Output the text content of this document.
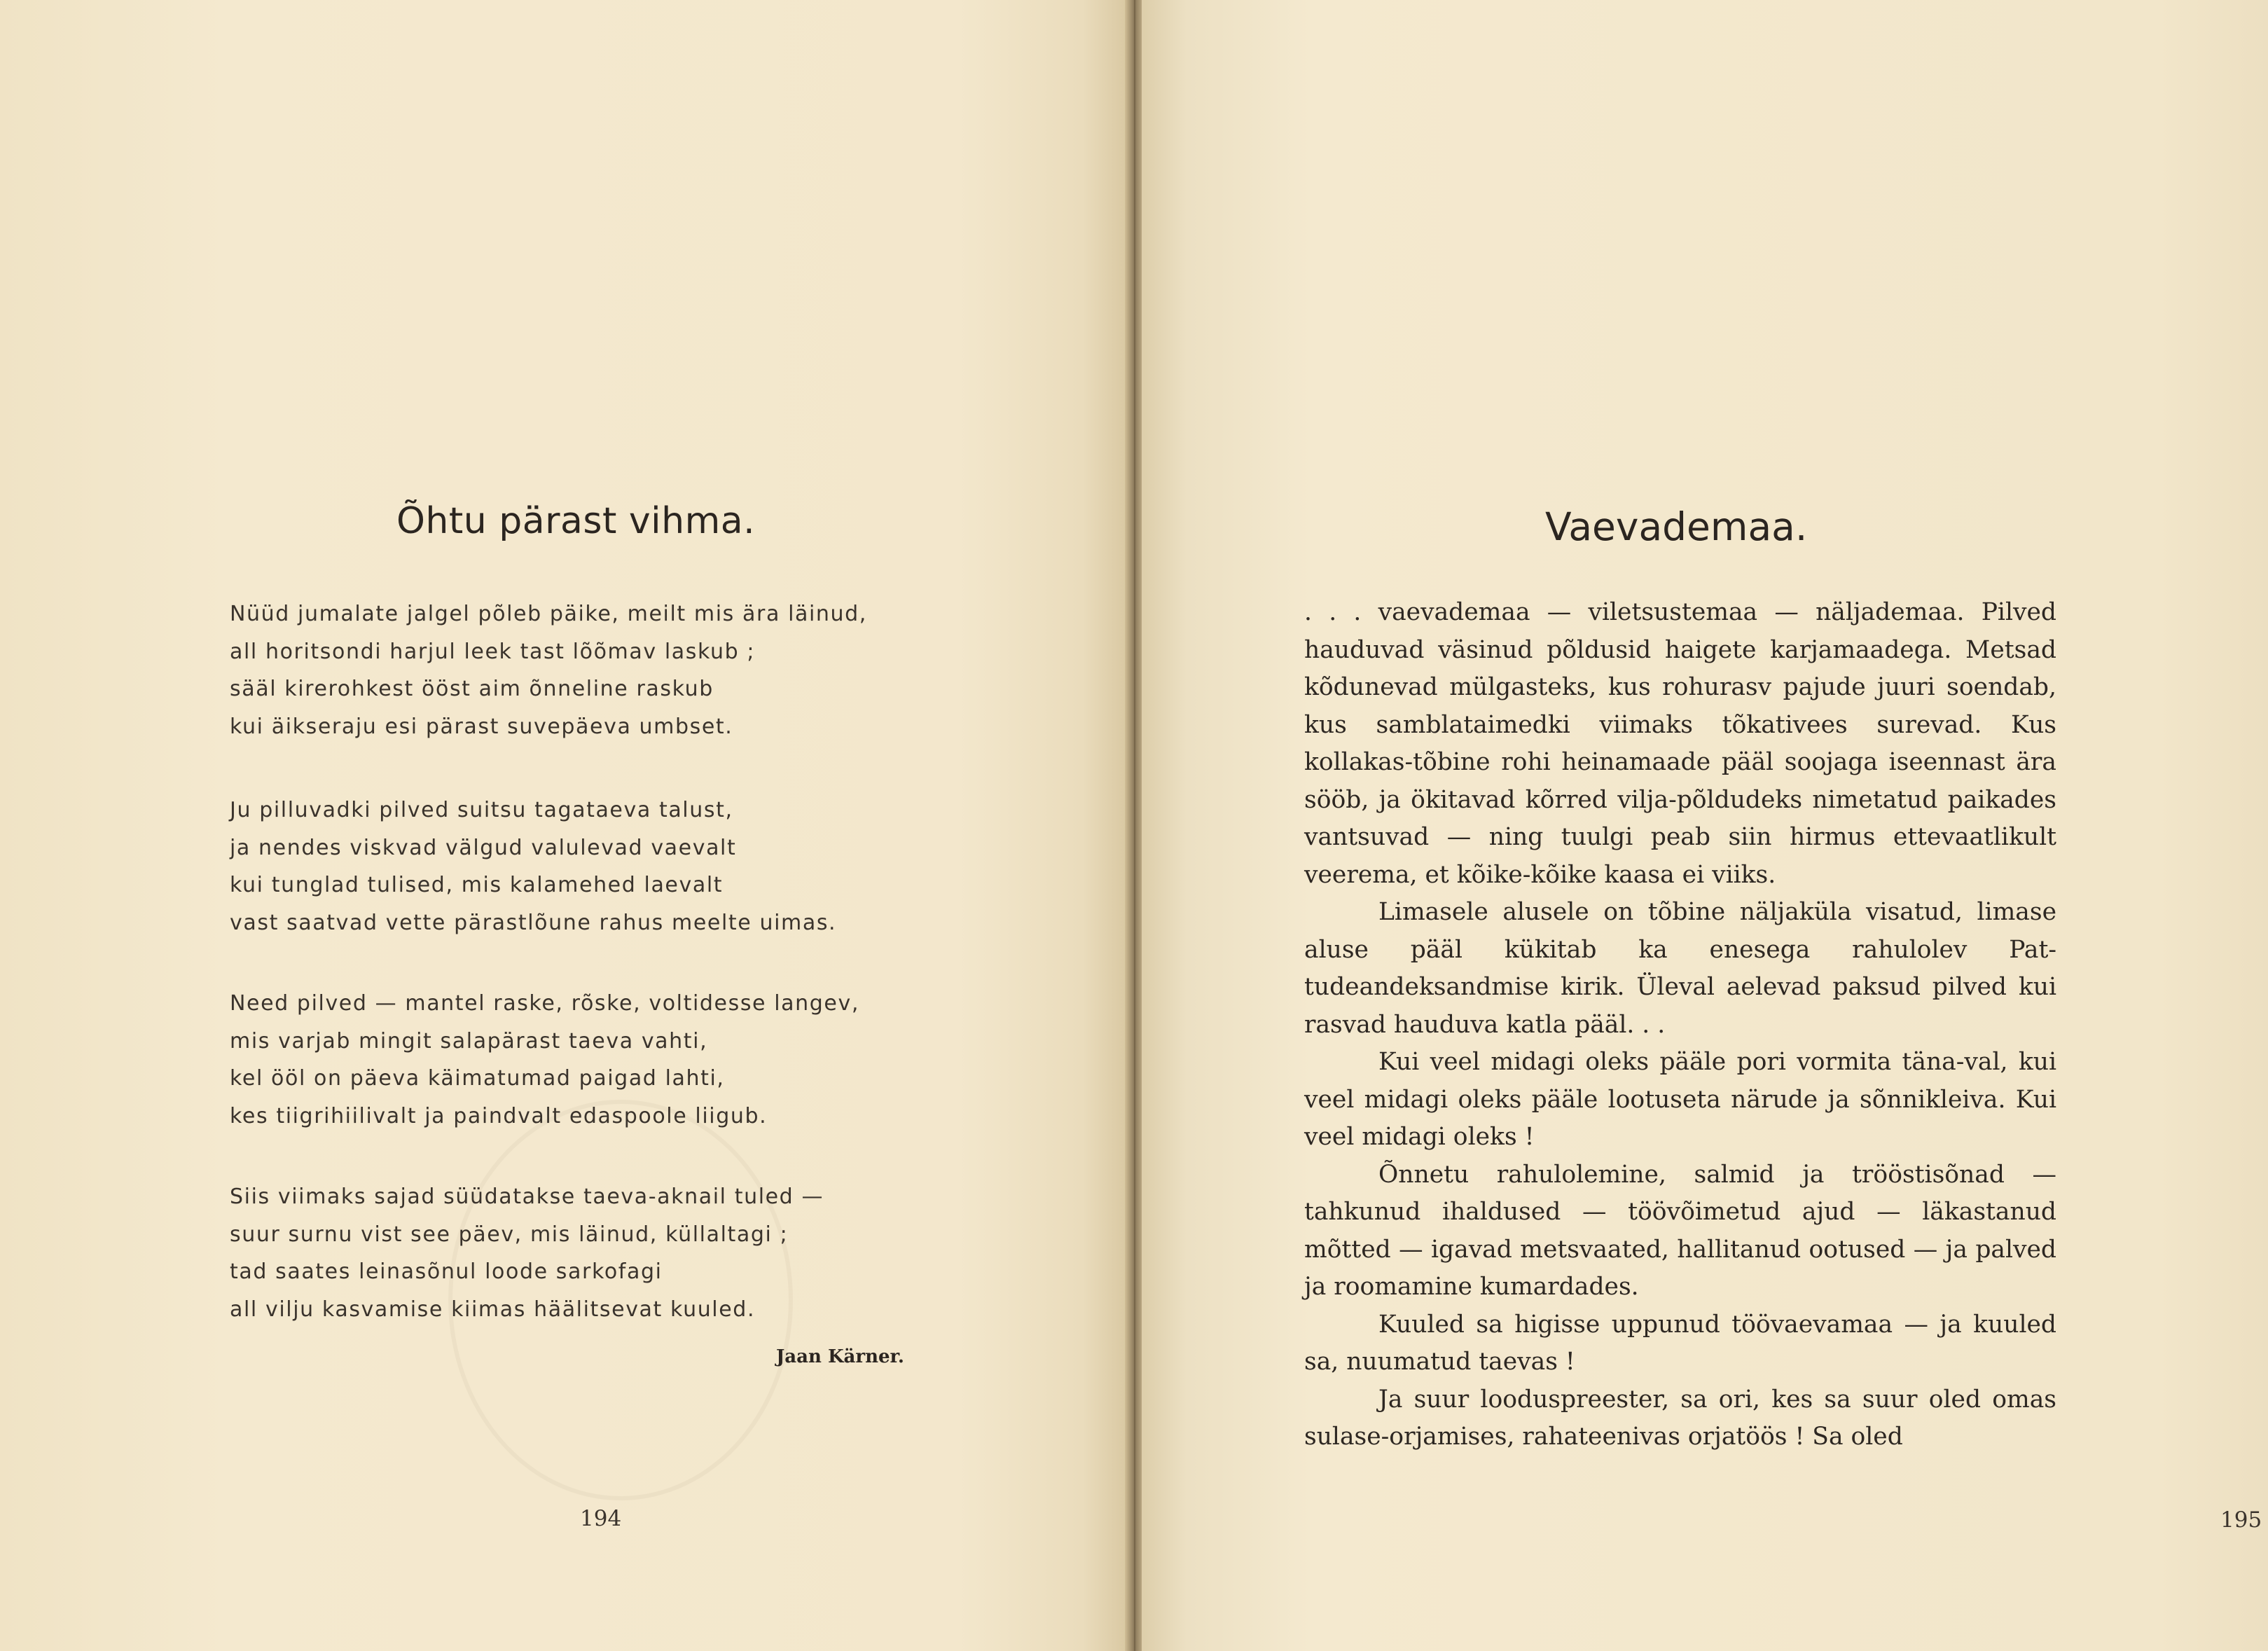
Õhtu pärast vihma.
Nüüd jumalate jalgel põleb päike, meilt mis ära läinud,
all horitsondi harjul leek tast lõõmav laskub ;
sääl kirerohkest ööst aim õnneline raskub
kui äikseraju esi pärast suvepäeva umbset.
Ju pilluvadki pilved suitsu tagataeva talust,
ja nendes viskvad välgud valulevad vaevalt
kui tunglad tulised, mis kalamehed laevalt
vast saatvad vette pärastlõune rahus meelte uimas.
Need pilved — mantel raske, rõske, voltidesse langev,
mis varjab mingit salapärast taeva vahti,
kel ööl on päeva käimatumad paigad lahti,
kes tiigrihiilivalt ja paindvalt edaspoole liigub.
Siis viimaks sajad süüdatakse taeva-aknail tuled —
suur surnu vist see päev, mis läinud, küllaltagi ;
tad saates leinasõnul loode sarkofagi
all vilju kasvamise kiimas häälitsevat kuuled.
Jaan Kärner.
194	195
Vaevademaa.

. . . vaevademaa — viletsustemaa — näljademaa. Pilved hauduvad väsinud põldusid haigete karjamaadega. Metsad kõdunevad mülgasteks, kus rohurasv pajude juuri soendab, kus samblataimedki viimaks tõkativees surevad. Kus kollakas-tõbine rohi heinamaade pääl soojaga iseennast ära sööb, ja ökitavad kõrred vilja-põldudeks nimetatud paikades vantsuvad — ning tuulgi peab siin hirmus ettevaatlikult veerema, et kõike-kõike kaasa ei viiks.

Limasele alusele on tõbine näljaküla visatud, limase aluse pääl kükitab ka enesega rahulolev Pat-tudeandeksandmise kirik. Üleval aelevad paksud pilved kui rasvad hauduva katla pääl. . .

Kui veel midagi oleks pääle pori vormita täna-val, kui veel midagi oleks pääle lootuseta närude ja sõnnikleiva. Kui veel midagi oleks !

Õnnetu rahulolemine, salmid ja trööstisõnad — tahkunud ihaldused — töövõimetud ajud — läkastanud mõtted — igavad metsvaated, hallitanud ootused — ja palved ja roomamine kumardades.

Kuuled sa higisse uppunud töövaevamaa — ja kuuled sa, nuumatud taevas !

Ja suur looduspreester, sa ori, kes sa suur oled omas sulase-orjamises, rahateenivas orjatöös ! Sa oled
